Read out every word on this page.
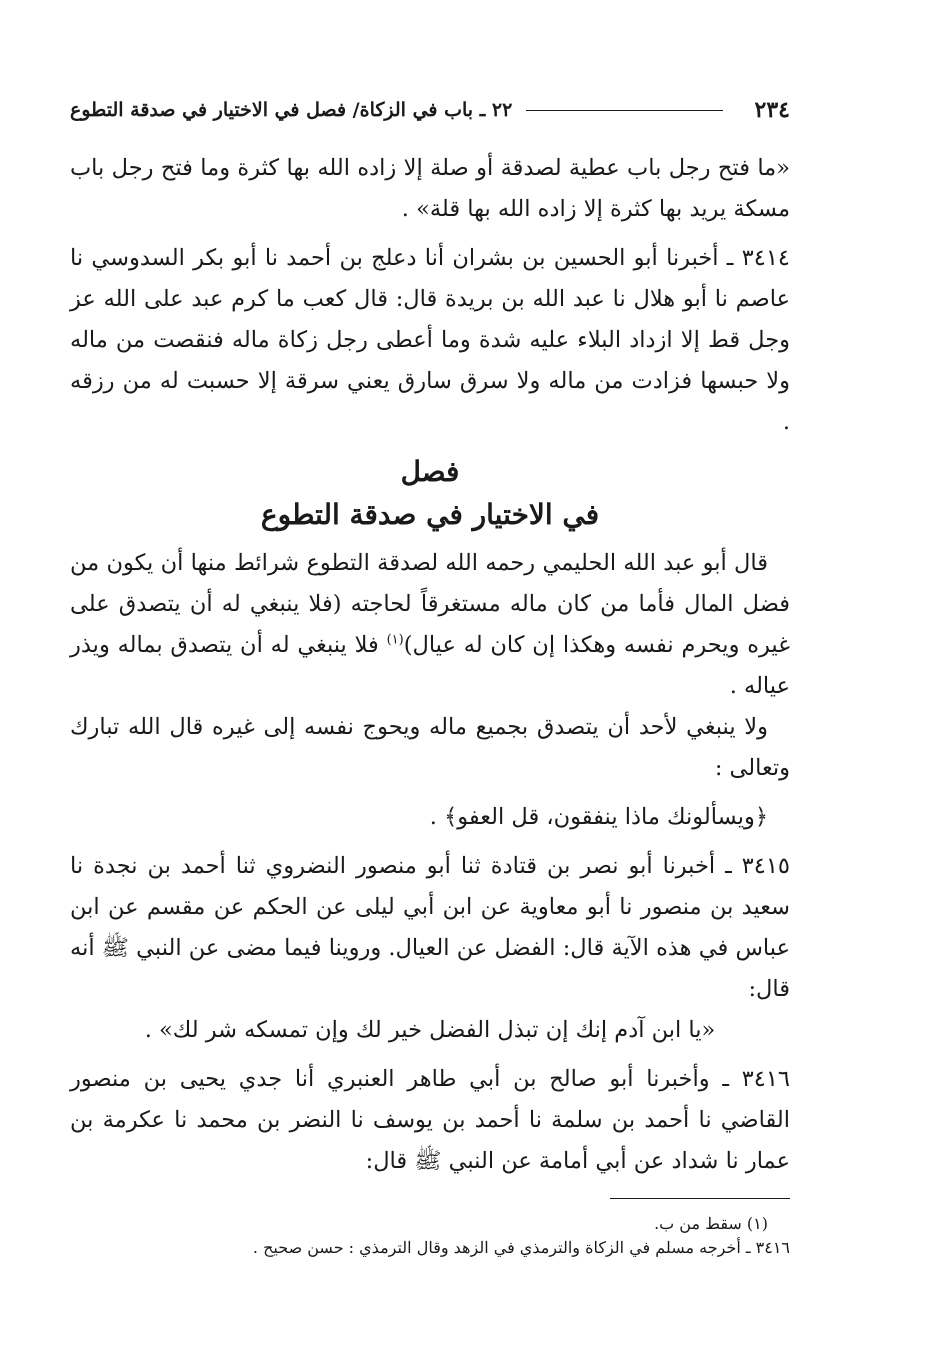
٢٣٤
٢٢ ـ باب في الزكاة/ فصل في الاختيار في صدقة التطوع

«ما فتح رجل باب عطية لصدقة أو صلة إلا زاده الله بها كثرة وما فتح رجل باب مسكة يريد بها كثرة إلا زاده الله بها قلة» .

٣٤١٤ ـ أخبرنا أبو الحسين بن بشران أنا دعلج بن أحمد نا أبو بكر السدوسي نا عاصم نا أبو هلال نا عبد الله بن بريدة قال: قال كعب ما كرم عبد على الله عز وجل قط إلا ازداد البلاء عليه شدة وما أعطى رجل زكاة ماله فنقصت من ماله ولا حبسها فزادت من ماله ولا سرق سارق يعني سرقة إلا حسبت له من رزقه .

فصل
في الاختيار في صدقة التطوع

قال أبو عبد الله الحليمي رحمه الله لصدقة التطوع شرائط منها أن يكون من فضل المال فأما من كان ماله مستغرقاً لحاجته (فلا ينبغي له أن يتصدق على غيره ويحرم نفسه وهكذا إن كان له عيال)$^{(١)}$ فلا ينبغي له أن يتصدق بماله ويذر عياله .

ولا ينبغي لأحد أن يتصدق بجميع ماله ويحوج نفسه إلى غيره قال الله تبارك وتعالى :

﴿ويسألونك ماذا ينفقون، قل العفو﴾ .

٣٤١٥ ـ أخبرنا أبو نصر بن قتادة ثنا أبو منصور النضروي ثنا أحمد بن نجدة نا سعيد بن منصور نا أبو معاوية عن ابن أبي ليلى عن الحكم عن مقسم عن ابن عباس في هذه الآية قال: الفضل عن العيال. وروينا فيما مضى عن النبي ﷺ أنه قال:

«يا ابن آدم إنك إن تبذل الفضل خير لك وإن تمسكه شر لك» .

٣٤١٦ ـ وأخبرنا أبو صالح بن أبي طاهر العنبري أنا جدي يحيى بن منصور القاضي نا أحمد بن سلمة نا أحمد بن يوسف نا النضر بن محمد نا عكرمة بن عمار نا شداد عن أبي أمامة عن النبي ﷺ قال:

(١) سقط من ب.

٣٤١٦ ـ أخرجه مسلم في الزكاة والترمذي في الزهد وقال الترمذي : حسن صحيح .
